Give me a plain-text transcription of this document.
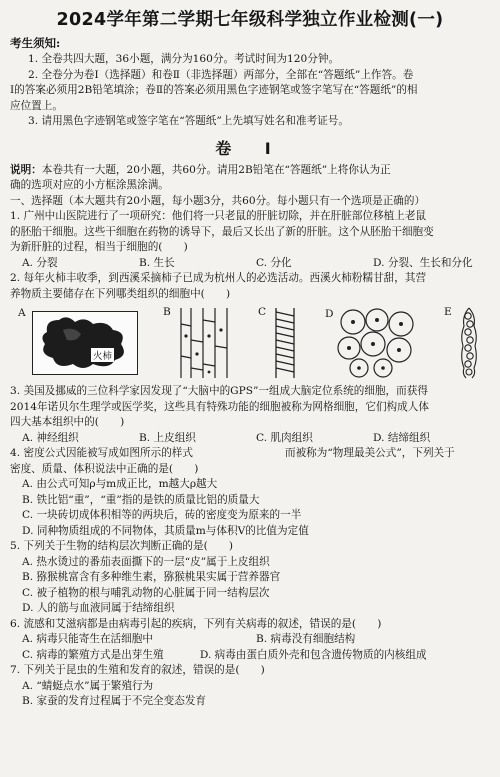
2024学年第二学期七年级科学独立作业检测(一)
考生须知:

1. 全卷共四大题，36小题，满分为160分。考试时间为120分钟。

2. 全卷分为卷Ⅰ（选择题）和卷Ⅱ（非选择题）两部分，全部在“答题纸”上作答。卷

Ⅰ的答案必须用2B铅笔填涂；卷Ⅱ的答案必须用黑色字迹钢笔或签字笔写在“答题纸”的相

应位置上。

3. 请用黑色字迹钢笔或签字笔在“答题纸”上先填写姓名和准考证号。

卷 Ⅰ

说明：本卷共有一大题，20小题，共60分。请用2B铅笔在“答题纸”上将你认为正

确的选项对应的小方框涂黑涂满。

一、选择题（本大题共有20小题，每小题3分，共60分。每小题只有一个选项是正确的）

1. 广州中山医院进行了一项研究：他们将一只老鼠的肝脏切除，并在肝脏部位移植上老鼠

的胚胎干细胞。这些干细胞在药物的诱导下，最后又长出了新的肝脏。这个从胚胎干细胞变

为新肝脏的过程，相当于细胞的(　　)

A. 分裂	B. 生长	C. 分化	D. 分裂、生长和分化

2. 每年火柿丰收季，到西溪采摘柿子已成为杭州人的必选活动。西溪火柿粉糯甘甜，其营

养物质主要储存在下列哪类组织的细胞中(　　)

火柿
A	B	C	D	E

3. 美国及挪威的三位科学家因发现了“大脑中的GPS”一组成大脑定位系统的细胞，而获得

2014年诺贝尔生理学或医学奖，这些具有特殊功能的细胞被称为网格细胞，它们构成人体

四大基本组织中的(　　)

A. 神经组织	B. 上皮组织	C. 肌肉组织	D. 结缔组织

4. 密度公式因能被写成如图所示的样式	而被称为“物理最美公式”，下列关于

密度、质量、体积说法中正确的是(　　)

A. 由公式可知ρ与m成正比，m越大ρ越大

B. 铁比铝“重”，“重”指的是铁的质量比铝的质量大

C. 一块砖切成体积相等的两块后，砖的密度变为原来的一半

D. 同种物质组成的不同物体，其质量m与体积V的比值为定值

5. 下列关于生物的结构层次判断正确的是(　　)

A. 热水烫过的番茄表面撕下的一层“皮”属于上皮组织

B. 猕猴桃富含有多种维生素，猕猴桃果实属于营养器官

C. 被子植物的根与哺乳动物的心脏属于同一结构层次

D. 人的筋与血液同属于结缔组织

6. 流感和艾滋病都是由病毒引起的疾病，下列有关病毒的叙述，错误的是(　　)

A. 病毒只能寄生在活细胞中	B. 病毒没有细胞结构
C. 病毒的繁殖方式是出芽生殖	D. 病毒由蛋白质外壳和包含遗传物质的内核组成

7. 下列关于昆虫的生殖和发育的叙述，错误的是(　　)

A. “蜻蜓点水”属于繁殖行为

B. 家蚕的发育过程属于不完全变态发育
